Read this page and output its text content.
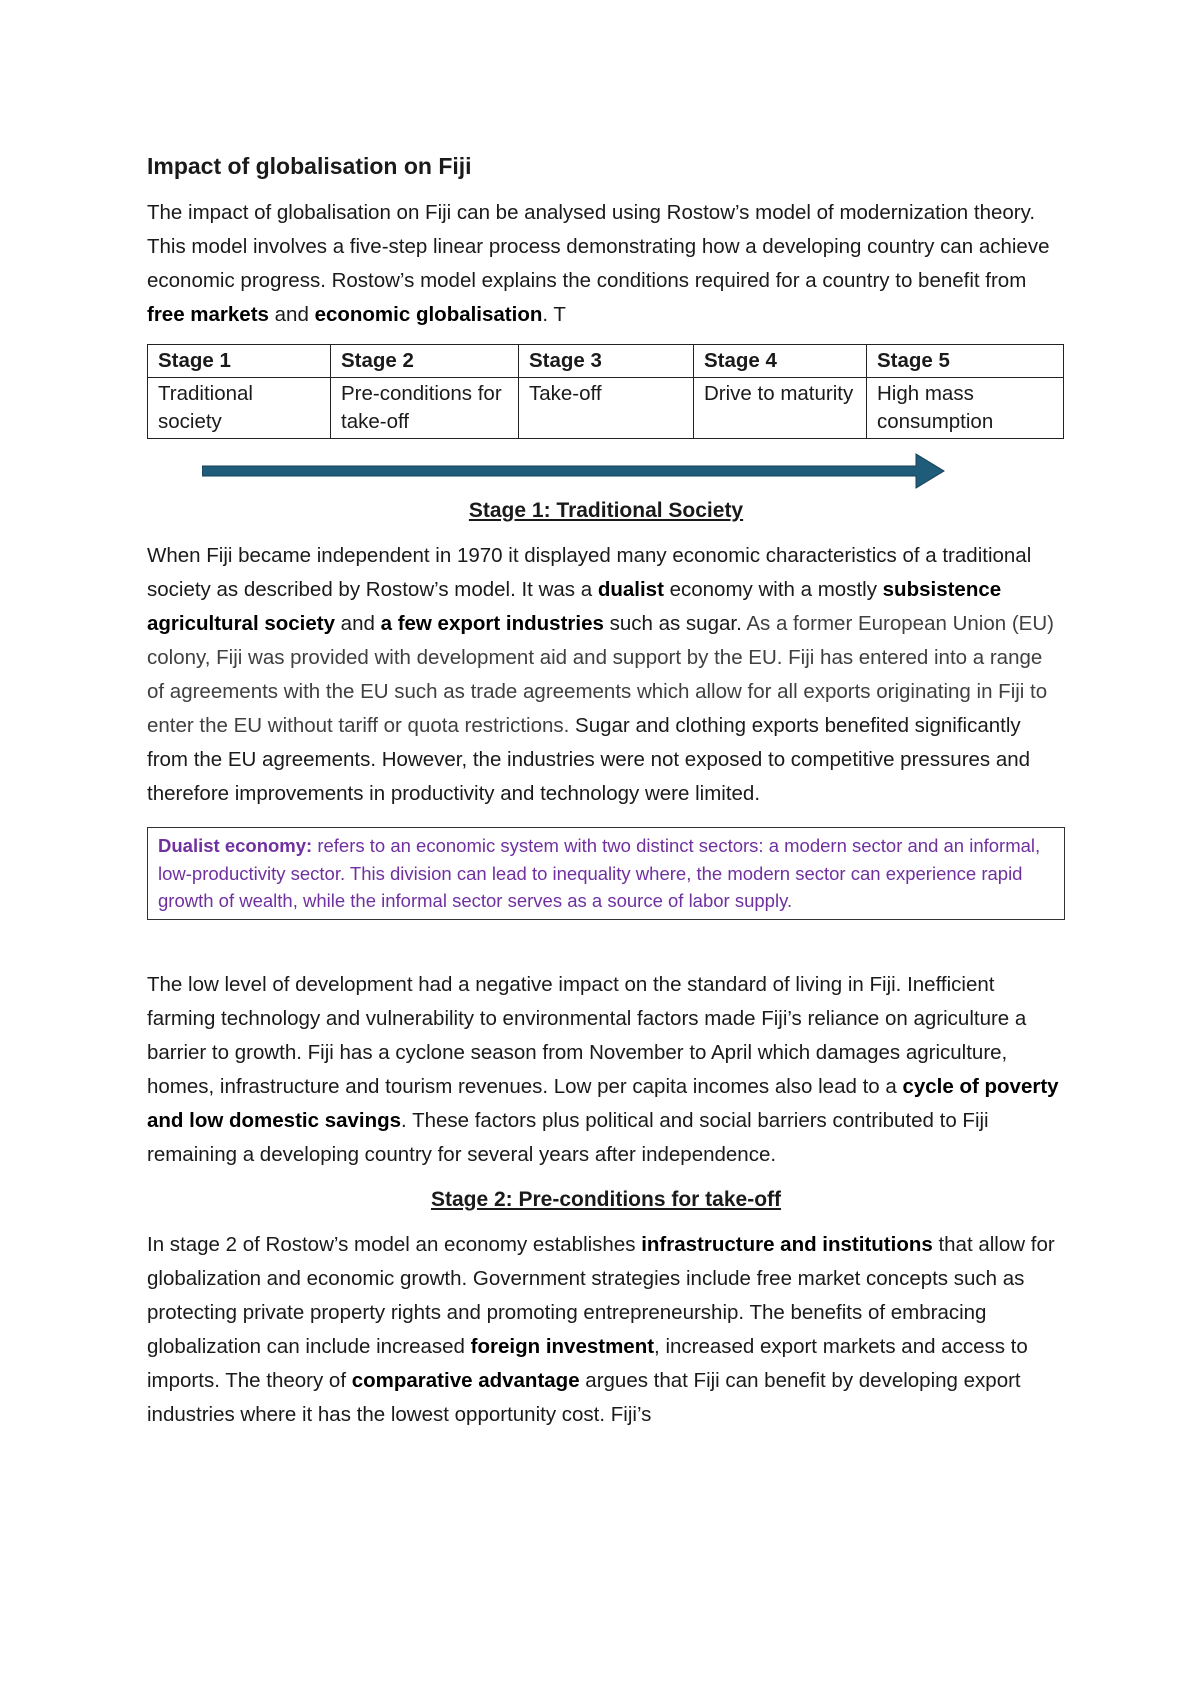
Impact of globalisation on Fiji

The impact of globalisation on Fiji can be analysed using Rostow’s model of modernization theory. This model involves a five-step linear process demonstrating how a developing country can achieve economic progress. Rostow’s model explains the conditions required for a country to benefit from free markets and economic globalisation. T

Stage 1	Stage 2	Stage 3	Stage 4	Stage 5
Traditional society	Pre-conditions for take-off	Take-off	Drive to maturity	High mass consumption
Stage 1: Traditional Society

When Fiji became independent in 1970 it displayed many economic characteristics of a traditional society as described by Rostow’s model. It was a dualist economy with a mostly subsistence agricultural society and a few export industries such as sugar. As a former European Union (EU) colony, Fiji was provided with development aid and support by the EU. Fiji has entered into a range of agreements with the EU such as trade agreements which allow for all exports originating in Fiji to enter the EU without tariff or quota restrictions. Sugar and clothing exports benefited significantly from the EU agreements. However, the industries were not exposed to competitive pressures and therefore improvements in productivity and technology were limited.

Dualist economy: refers to an economic system with two distinct sectors: a modern sector and an informal, low-productivity sector. This division can lead to inequality where, the modern sector can experience rapid growth of wealth, while the informal sector serves as a source of labor supply.

The low level of development had a negative impact on the standard of living in Fiji. Inefficient farming technology and vulnerability to environmental factors made Fiji’s reliance on agriculture a barrier to growth. Fiji has a cyclone season from November to April which damages agriculture, homes, infrastructure and tourism revenues. Low per capita incomes also lead to a cycle of poverty and low domestic savings. These factors plus political and social barriers contributed to Fiji remaining a developing country for several years after independence.

Stage 2: Pre-conditions for take-off

In stage 2 of Rostow’s model an economy establishes infrastructure and institutions that allow for globalization and economic growth. Government strategies include free market concepts such as protecting private property rights and promoting entrepreneurship. The benefits of embracing globalization can include increased foreign investment, increased export markets and access to imports. The theory of comparative advantage argues that Fiji can benefit by developing export industries where it has the lowest opportunity cost. Fiji’s
